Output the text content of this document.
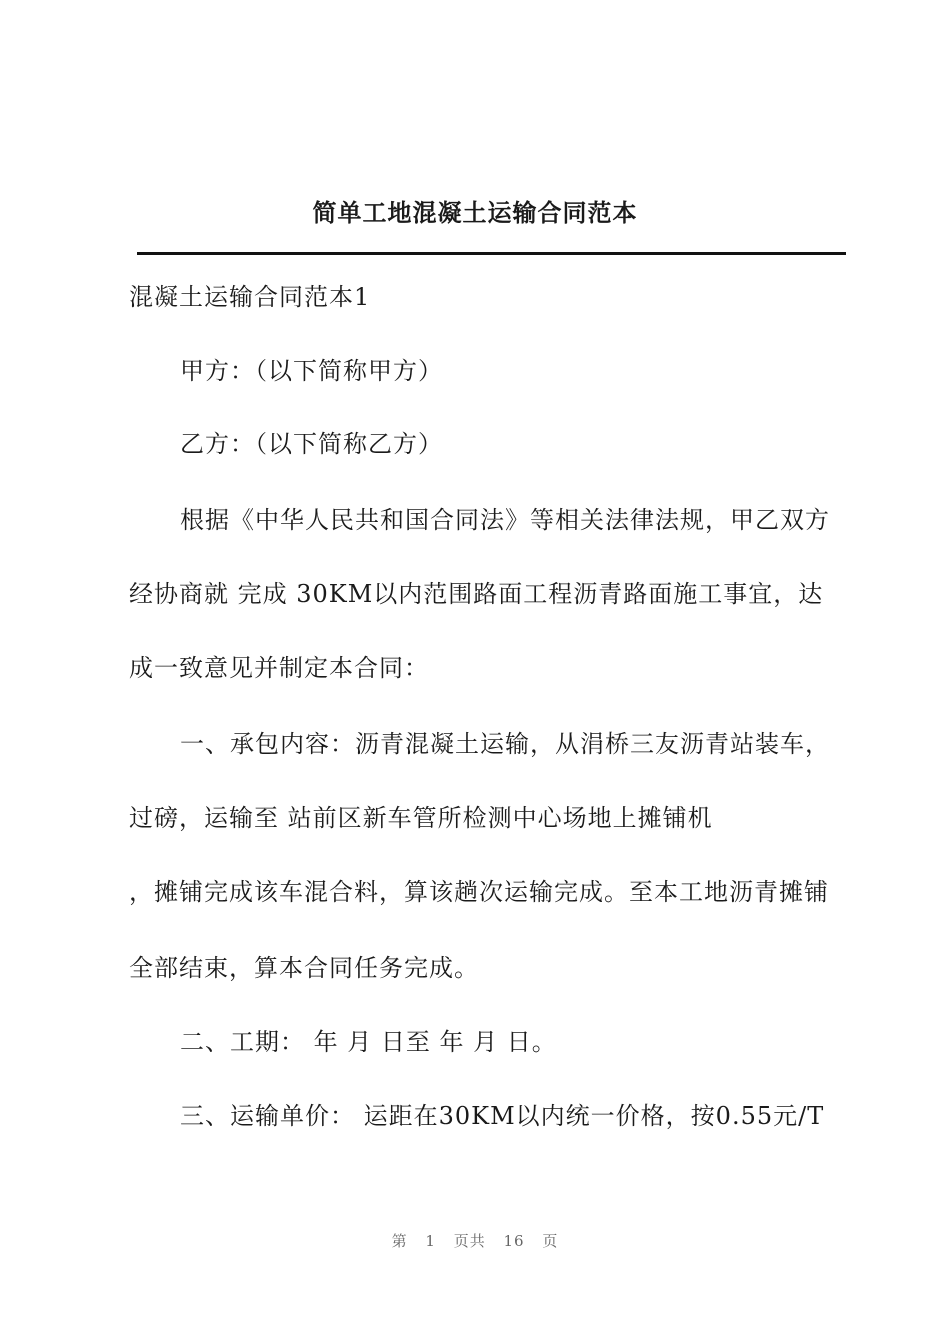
简单工地混凝土运输合同范本
混凝土运输合同范本1
甲方：（以下简称甲方）
乙方：（以下简称乙方）
根据《中华人民共和国合同法》等相关法律法规，甲乙双方
经协商就 完成 30KM以内范围路面工程沥青路面施工事宜，达
成一致意见并制定本合同：
一、承包内容：沥青混凝土运输，从涓桥三友沥青站装车，
过磅，运输至 站前区新车管所检测中心场地上摊铺机
，摊铺完成该车混合料，算该趟次运输完成。至本工地沥青摊铺
全部结束，算本合同任务完成。
二、工期： 年 月 日至 年 月 日。
三、运输单价： 运距在30KM以内统一价格，按0.55元/T
第 1 页共 16 页
